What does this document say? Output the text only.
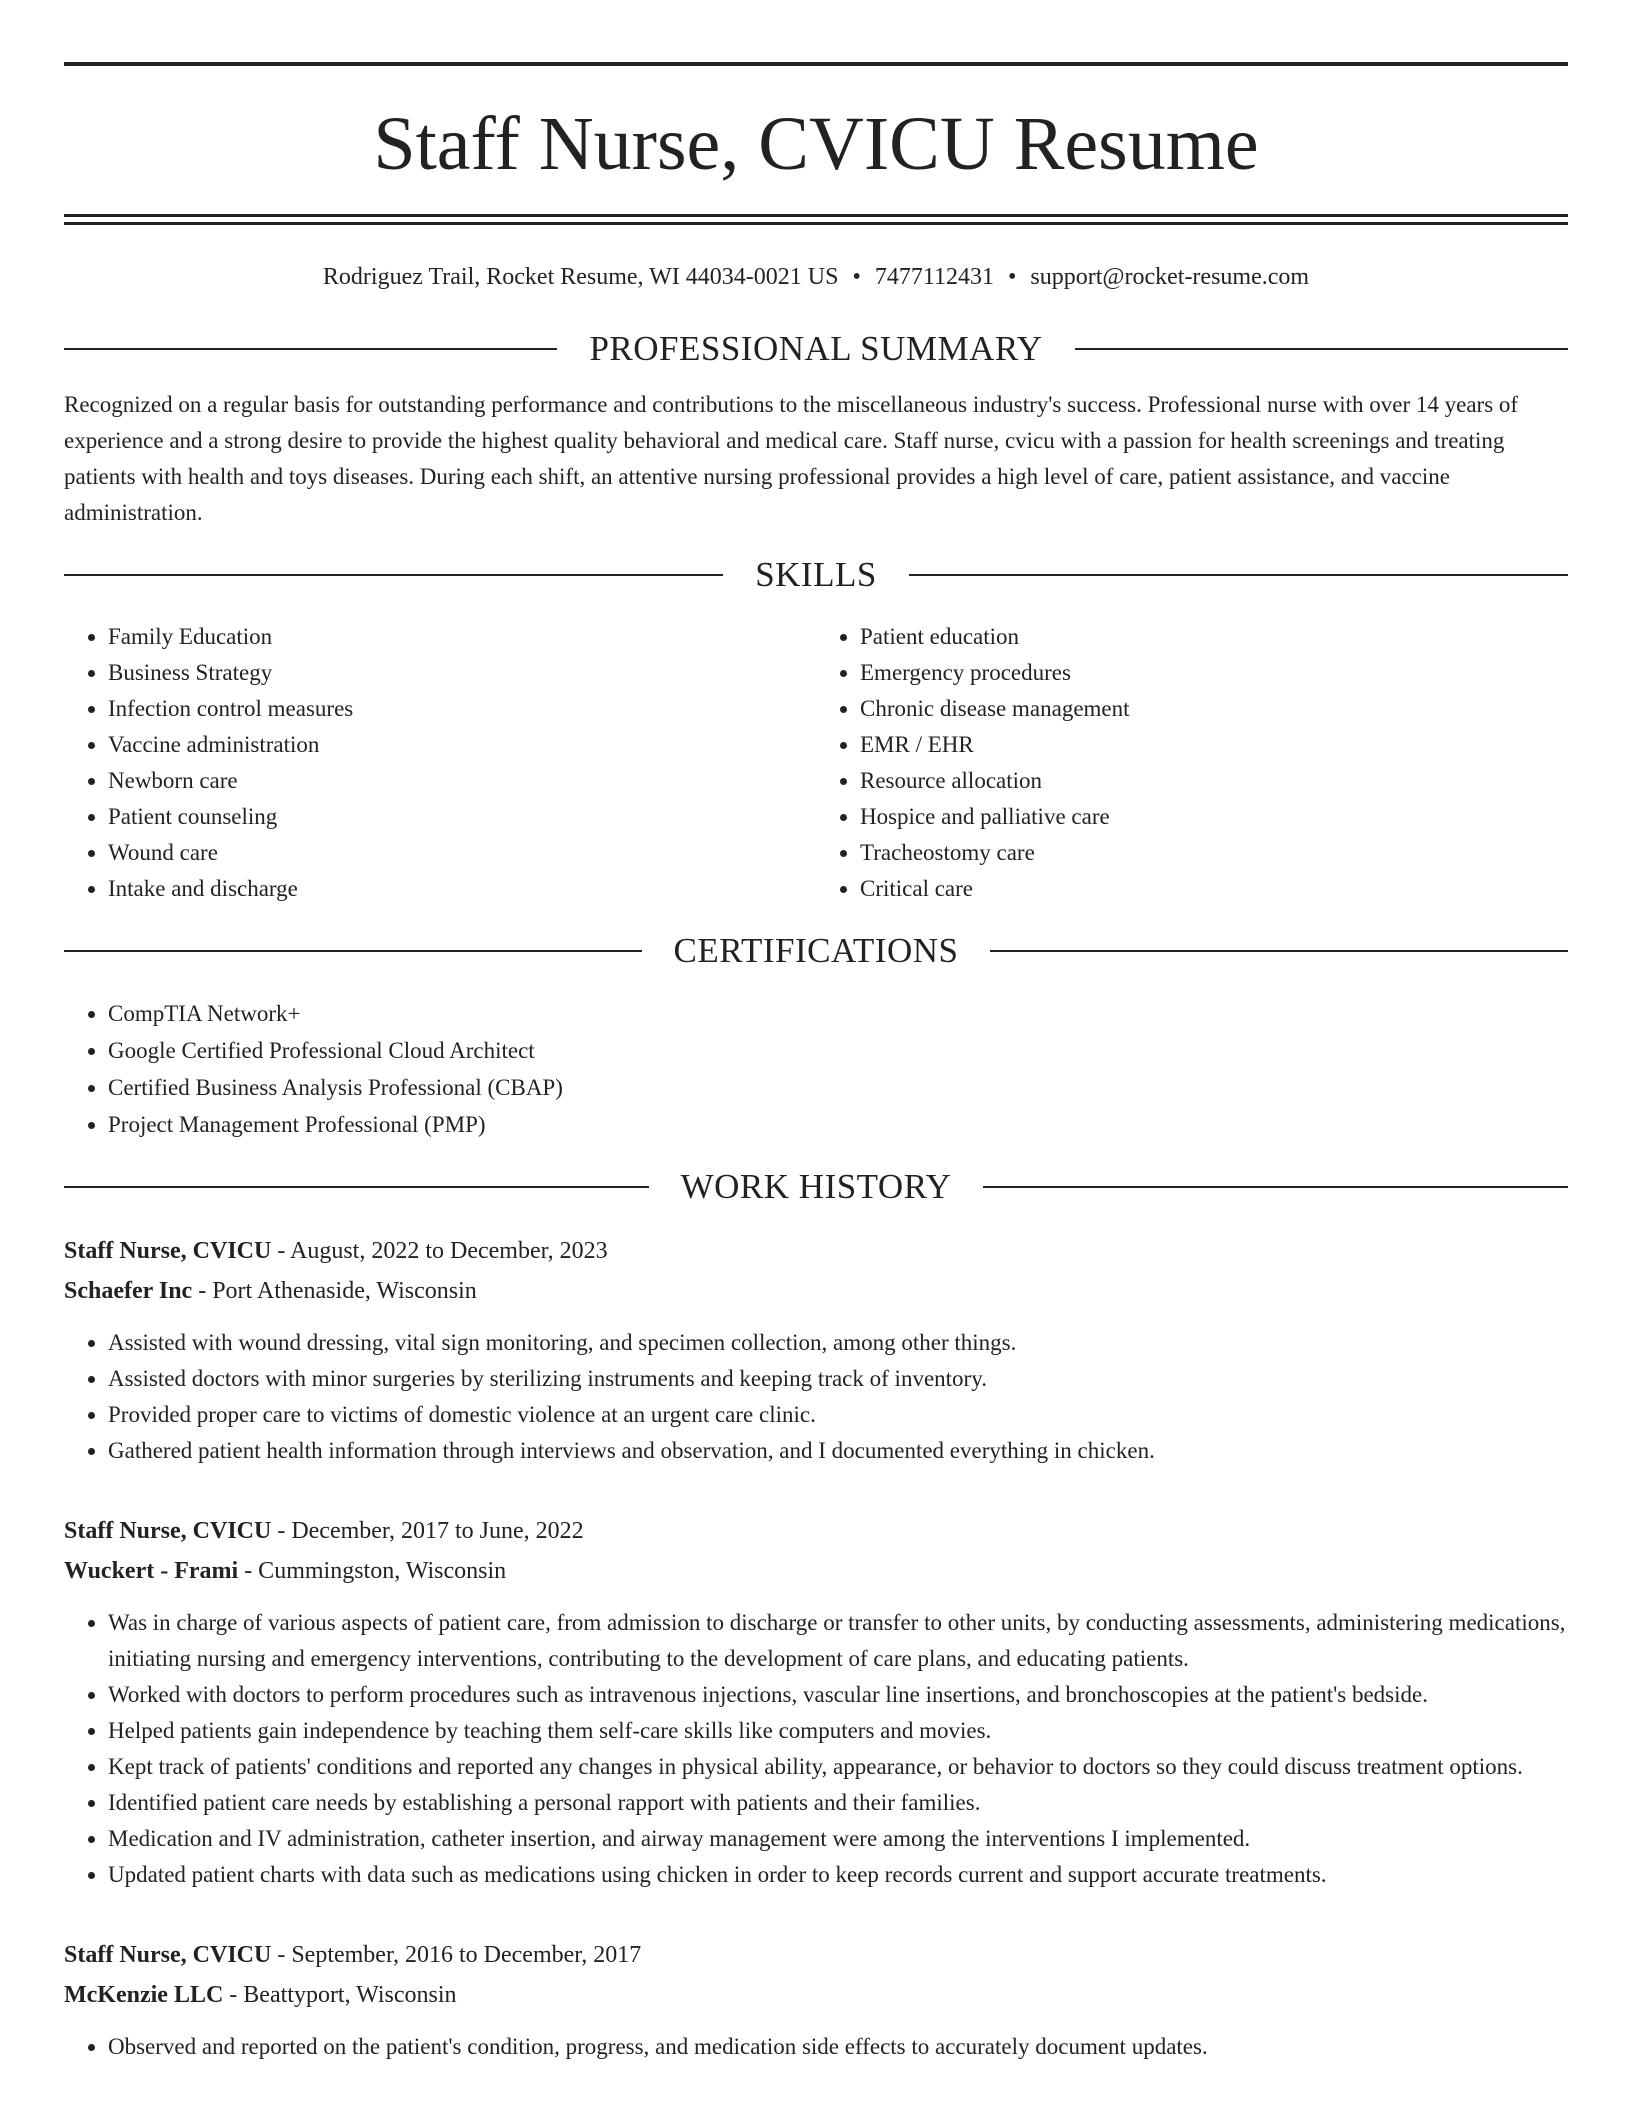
Staff Nurse, CVICU Resume
Rodriguez Trail, Rocket Resume, WI 44034-0021 US • 7477112431 • support@rocket-resume.com
PROFESSIONAL SUMMARY
Recognized on a regular basis for outstanding performance and contributions to the miscellaneous industry's success. Professional nurse with over 14 years of experience and a strong desire to provide the highest quality behavioral and medical care. Staff nurse, cvicu with a passion for health screenings and treating patients with health and toys diseases. During each shift, an attentive nursing professional provides a high level of care, patient assistance, and vaccine administration.
SKILLS
• Family Education
• Business Strategy
• Infection control measures
• Vaccine administration
• Newborn care
• Patient counseling
• Wound care
• Intake and discharge
• Patient education
• Emergency procedures
• Chronic disease management
• EMR / EHR
• Resource allocation
• Hospice and palliative care
• Tracheostomy care
• Critical care
CERTIFICATIONS
• CompTIA Network+
• Google Certified Professional Cloud Architect
• Certified Business Analysis Professional (CBAP)
• Project Management Professional (PMP)
WORK HISTORY
Staff Nurse, CVICU - August, 2022 to December, 2023
Schaefer Inc - Port Athenaside, Wisconsin
• Assisted with wound dressing, vital sign monitoring, and specimen collection, among other things.
• Assisted doctors with minor surgeries by sterilizing instruments and keeping track of inventory.
• Provided proper care to victims of domestic violence at an urgent care clinic.
• Gathered patient health information through interviews and observation, and I documented everything in chicken.
Staff Nurse, CVICU - December, 2017 to June, 2022
Wuckert - Frami - Cummingston, Wisconsin
• Was in charge of various aspects of patient care, from admission to discharge or transfer to other units, by conducting assessments, administering medications, initiating nursing and emergency interventions, contributing to the development of care plans, and educating patients.
• Worked with doctors to perform procedures such as intravenous injections, vascular line insertions, and bronchoscopies at the patient's bedside.
• Helped patients gain independence by teaching them self-care skills like computers and movies.
• Kept track of patients' conditions and reported any changes in physical ability, appearance, or behavior to doctors so they could discuss treatment options.
• Identified patient care needs by establishing a personal rapport with patients and their families.
• Medication and IV administration, catheter insertion, and airway management were among the interventions I implemented.
• Updated patient charts with data such as medications using chicken in order to keep records current and support accurate treatments.
Staff Nurse, CVICU - September, 2016 to December, 2017
McKenzie LLC - Beattyport, Wisconsin
• Observed and reported on the patient's condition, progress, and medication side effects to accurately document updates.
